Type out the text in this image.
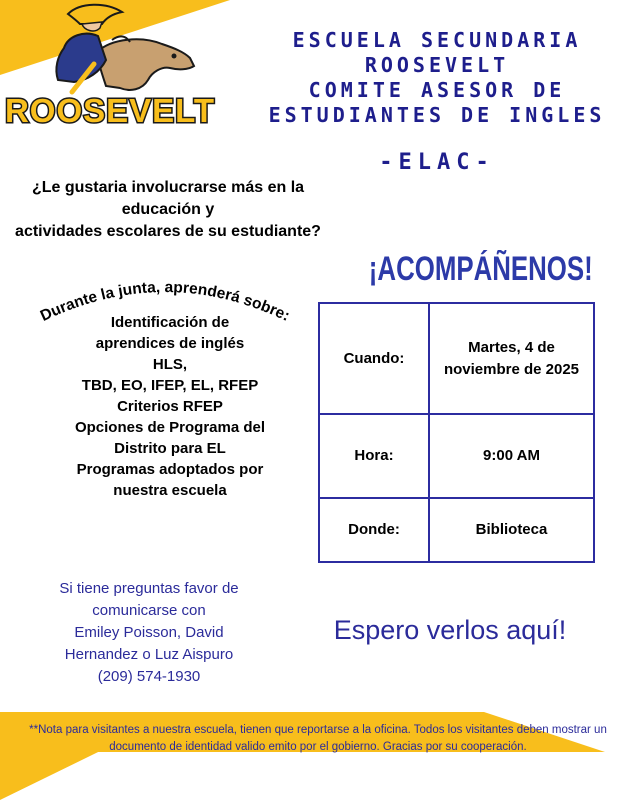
ROOSEVELT
ESCUELA SECUNDARIA
ROOSEVELT
COMITE ASESOR DE
ESTUDIANTES DE INGLES
-ELAC-
¿Le gustaria involucrarse más en la
educación y
actividades escolares de su estudiante?
¡ACOMPÁÑENOS!
Durante la junta, aprenderá sobre:
Identificación de
aprendices de inglés
HLS,
TBD, EO, IFEP, EL, RFEP
Criterios RFEP
Opciones de Programa del
Distrito para EL
Programas adoptados por
nuestra escuela
Cuando:	Martes, 4 de noviembre de 2025
Hora:	9:00 AM
Donde:	Biblioteca
Si tiene preguntas favor de
comunicarse con
Emiley Poisson, David
Hernandez o Luz Aispuro
(209) 574-1930
Espero verlos aquí!
**Nota para visitantes a nuestra escuela, tienen que reportarse a la oficina. Todos los visitantes deben mostrar un documento de identidad valido emito por el gobierno. Gracias por su cooperación.
